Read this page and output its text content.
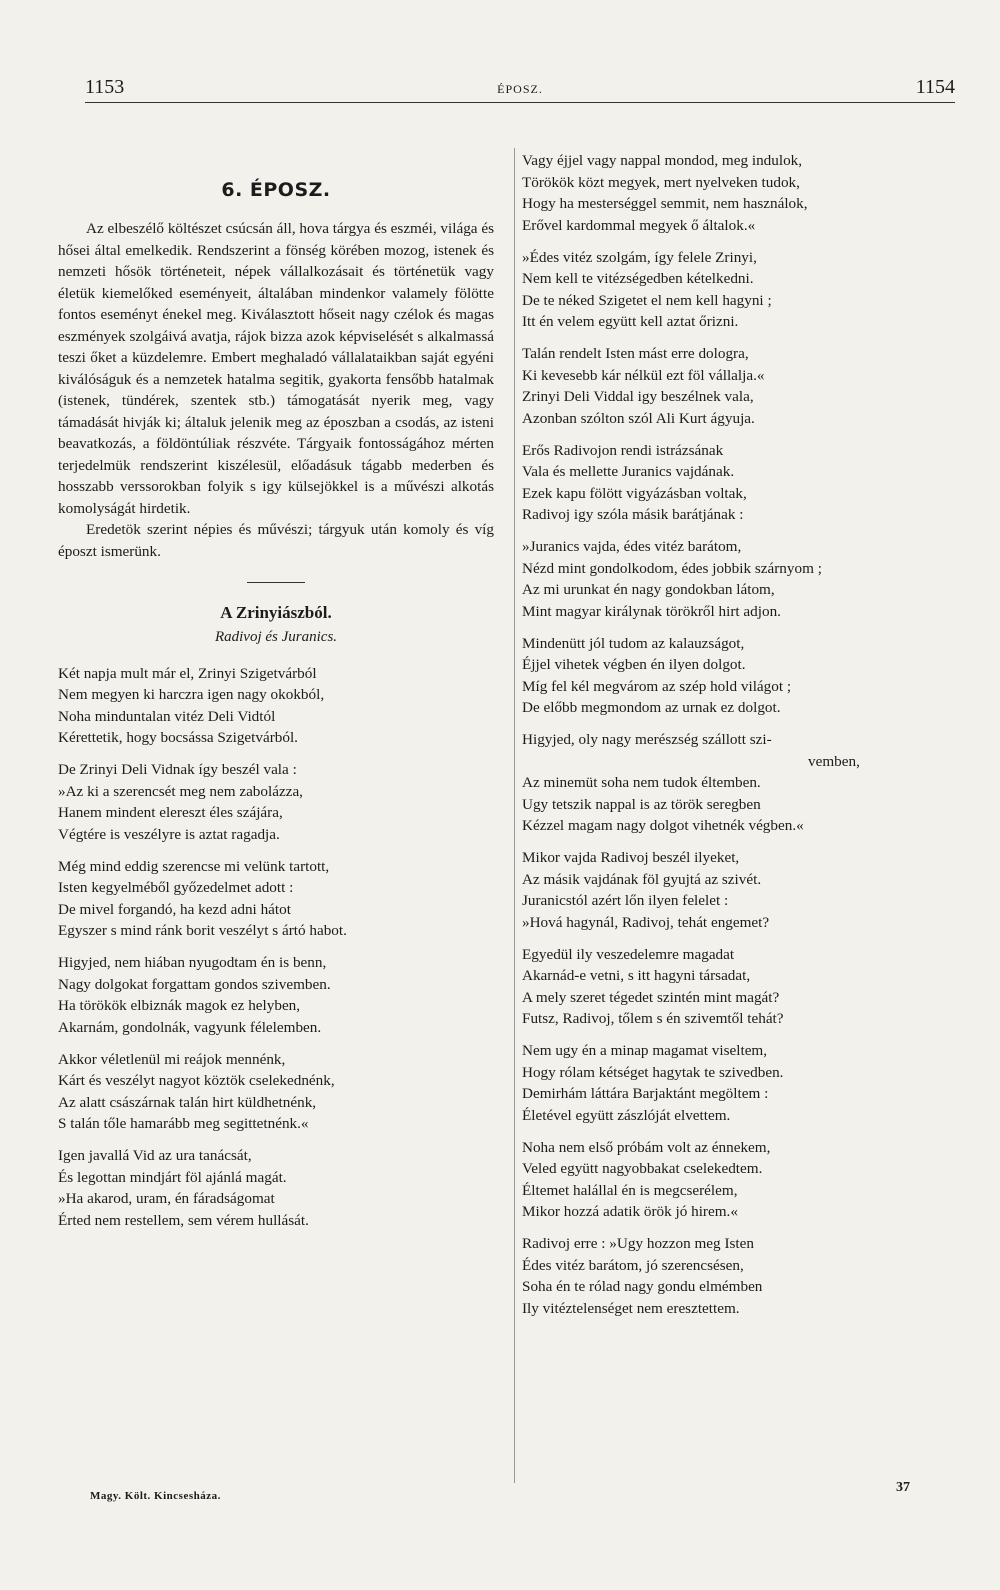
1153	ÉPOSZ.	1154
6. ÉPOSZ.

Az elbeszélő költészet csúcsán áll, hova tárgya és eszméi, világa és hősei által emelkedik. Rendszerint a fönség körében mozog, istenek és nemzeti hősök történeteit, népek vállalkozásait és történetük vagy életük kiemelőked eseményeit, általában mindenkor valamely fölötte fontos eseményt énekel meg. Kiválasztott hőseit nagy czélok és magas eszmények szolgáivá avatja, rájok bizza azok képviselését s alkalmassá teszi őket a küzdelemre. Embert meghaladó vállalataikban saját egyéni kiválóságuk és a nemzetek hatalma segitik, gyakorta fensőbb hatalmak (istenek, tündérek, szentek stb.) támogatását nyerik meg, vagy támadását hivják ki; általuk jelenik meg az époszban a csodás, az isteni beavatkozás, a földöntúliak részvéte. Tárgyaik fontosságához mérten terjedelmük rendszerint kiszélesül, előadásuk tágabb mederben és hosszabb verssorokban folyik s igy külsejökkel is a művészi alkotás komolyságát hirdetik.

Eredetök szerint népies és művészi; tárgyuk után komoly és víg époszt ismerünk.

A Zrinyiászból.
Radivoj és Juranics.
Két napja mult már el, Zrinyi Szigetvárból
Nem megyen ki harczra igen nagy okokból,
Noha minduntalan vitéz Deli Vidtól
Kérettetik, hogy bocsássa Szigetvárból.
De Zrinyi Deli Vidnak így beszél vala :
»Az ki a szerencsét meg nem zabolázza,
Hanem mindent elereszt éles szájára,
Végtére is veszélyre is aztat ragadja.
Még mind eddig szerencse mi velünk tartott,
Isten kegyelméből győzedelmet adott :
De mivel forgandó, ha kezd adni hátot
Egyszer s mind ránk borit veszélyt s ártó habot.
Higyjed, nem hiában nyugodtam én is benn,
Nagy dolgokat forgattam gondos szivemben.
Ha törökök elbiznák magok ez helyben,
Akarnám, gondolnák, vagyunk félelemben.
Akkor véletlenül mi reájok mennénk,
Kárt és veszélyt nagyot köztök cselekednénk,
Az alatt császárnak talán hirt küldhetnénk,
S talán tőle hamarább meg segittetnénk.«
Igen javallá Vid az ura tanácsát,
És legottan mindjárt föl ajánlá magát.
»Ha akarod, uram, én fáradságomat
Érted nem restellem, sem vérem hullását.
Vagy éjjel vagy nappal mondod, meg indulok,
Törökök közt megyek, mert nyelveken tudok,
Hogy ha mesterséggel semmit, nem használok,
Erővel kardommal megyek ő általok.«
»Édes vitéz szolgám, így felele Zrinyi,
Nem kell te vitézségedben kételkedni.
De te néked Szigetet el nem kell hagyni ;
Itt én velem együtt kell aztat őrizni.
Talán rendelt Isten mást erre dologra,
Ki kevesebb kár nélkül ezt föl vállalja.«
Zrinyi Deli Viddal igy beszélnek vala,
Azonban szólton szól Ali Kurt ágyuja.
Erős Radivojon rendi istrázsának
Vala és mellette Juranics vajdának.
Ezek kapu fölött vigyázásban voltak,
Radivoj igy szóla másik barátjának :
»Juranics vajda, édes vitéz barátom,
Nézd mint gondolkodom, édes jobbik szárnyom ;
Az mi urunkat én nagy gondokban látom,
Mint magyar királynak törökről hirt adjon.
Mindenütt jól tudom az kalauzságot,
Éjjel vihetek végben én ilyen dolgot.
Míg fel kél megvárom az szép hold világot ;
De előbb megmondom az urnak ez dolgot.
Higyjed, oly nagy merészség szállott szi-
vemben,
Az minemüt soha nem tudok éltemben.
Ugy tetszik nappal is az török seregben
Kézzel magam nagy dolgot vihetnék végben.«
Mikor vajda Radivoj beszél ilyeket,
Az másik vajdának föl gyujtá az szivét.
Juranicstól azért lőn ilyen felelet :
»Hová hagynál, Radivoj, tehát engemet?
Egyedül ily veszedelemre magadat
Akarnád-e vetni, s itt hagyni társadat,
A mely szeret tégedet szintén mint magát?
Futsz, Radivoj, tőlem s én szivemtől tehát?
Nem ugy én a minap magamat viseltem,
Hogy rólam kétséget hagytak te szivedben.
Demirhám láttára Barjaktánt megöltem :
Életével együtt zászlóját elvettem.
Noha nem első próbám volt az énnekem,
Veled együtt nagyobbakat cselekedtem.
Éltemet halállal én is megcserélem,
Mikor hozzá adatik örök jó hirem.«
Radivoj erre : »Ugy hozzon meg Isten
Édes vitéz barátom, jó szerencsésen,
Soha én te rólad nagy gondu elmémben
Ily vitéztelenséget nem eresztettem.
Magy. Költ. Kincsesháza.
37
